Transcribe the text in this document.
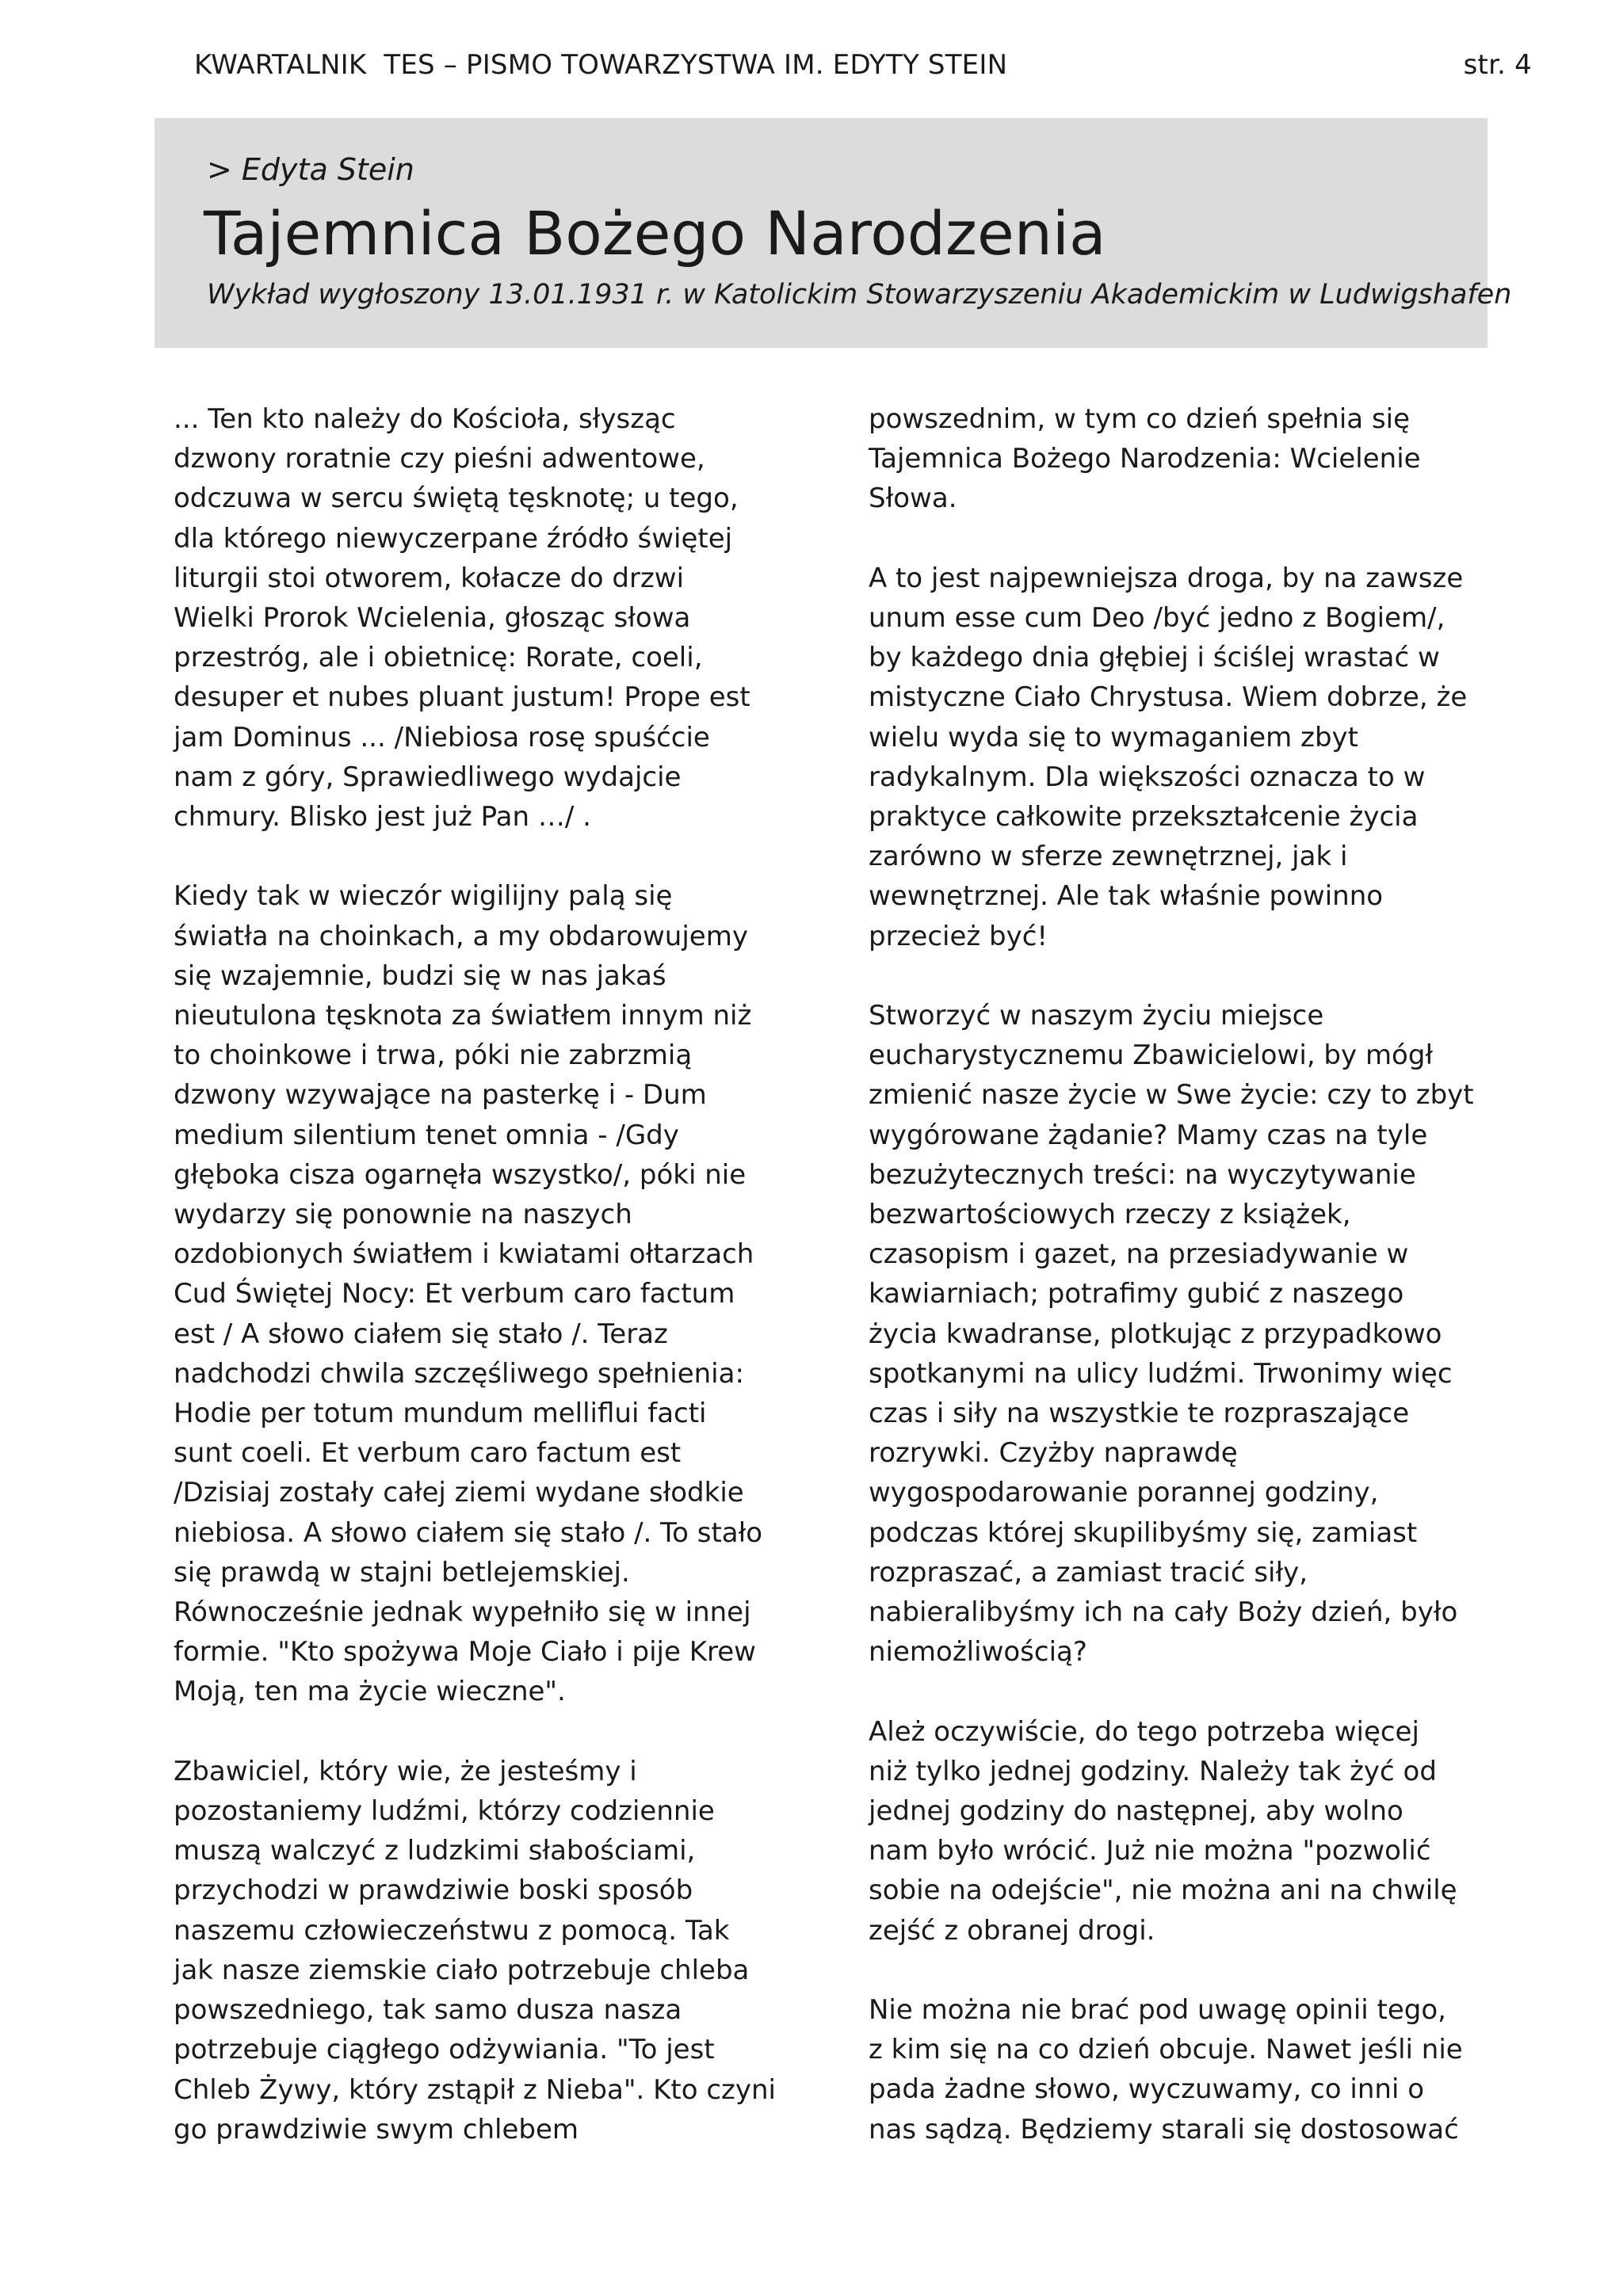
KWARTALNIK  TES – PISMO TOWARZYSTWA IM. EDYTY STEIN	str. 4

> Edyta Stein

Tajemnica Bożego Narodzenia

Wykład wygłoszony 13.01.1931 r. w Katolickim Stowarzyszeniu Akademickim w Ludwigshafen

... Ten kto należy do Kościoła, słysząc
dzwony roratnie czy pieśni adwentowe,
odczuwa w sercu świętą tęsknotę; u tego,
dla którego niewyczerpane źródło świętej
liturgii stoi otworem, kołacze do drzwi
Wielki Prorok Wcielenia, głosząc słowa
przestróg, ale i obietnicę: Rorate, coeli,
desuper et nubes pluant justum! Prope est
jam Dominus ... /Niebiosa rosę spuśćcie
nam z góry, Sprawiedliwego wydajcie
chmury. Blisko jest już Pan …/ .

Kiedy tak w wieczór wigilijny palą się
światła na choinkach, a my obdarowujemy
się wzajemnie, budzi się w nas jakaś
nieutulona tęsknota za światłem innym niż
to choinkowe i trwa, póki nie zabrzmią
dzwony wzywające na pasterkę i - Dum
medium silentium tenet omnia - /Gdy
głęboka cisza ogarnęła wszystko/, póki nie
wydarzy się ponownie na naszych
ozdobionych światłem i kwiatami ołtarzach
Cud Świętej Nocy: Et verbum caro factum
est / A słowo ciałem się stało /. Teraz
nadchodzi chwila szczęśliwego spełnienia:
Hodie per totum mundum melliflui facti
sunt coeli. Et verbum caro factum est
/Dzisiaj zostały całej ziemi wydane słodkie
niebiosa. A słowo ciałem się stało /. To stało
się prawdą w stajni betlejemskiej.
Równocześnie jednak wypełniło się w innej
formie. "Kto spożywa Moje Ciało i pije Krew
Moją, ten ma życie wieczne".

Zbawiciel, który wie, że jesteśmy i
pozostaniemy ludźmi, którzy codziennie
muszą walczyć z ludzkimi słabościami,
przychodzi w prawdziwie boski sposób
naszemu człowieczeństwu z pomocą. Tak
jak nasze ziemskie ciało potrzebuje chleba
powszedniego, tak samo dusza nasza
potrzebuje ciągłego odżywiania. "To jest
Chleb Żywy, który zstąpił z Nieba". Kto czyni
go prawdziwie swym chlebem

powszednim, w tym co dzień spełnia się
Tajemnica Bożego Narodzenia: Wcielenie
Słowa.

A to jest najpewniejsza droga, by na zawsze
unum esse cum Deo /być jedno z Bogiem/,
by każdego dnia głębiej i ściślej wrastać w
mistyczne Ciało Chrystusa. Wiem dobrze, że
wielu wyda się to wymaganiem zbyt
radykalnym. Dla większości oznacza to w
praktyce całkowite przekształcenie życia
zarówno w sferze zewnętrznej, jak i
wewnętrznej. Ale tak właśnie powinno
przecież być!

Stworzyć w naszym życiu miejsce
eucharystycznemu Zbawicielowi, by mógł
zmienić nasze życie w Swe życie: czy to zbyt
wygórowane żądanie? Mamy czas na tyle
bezużytecznych treści: na wyczytywanie
bezwartościowych rzeczy z książek,
czasopism i gazet, na przesiadywanie w
kawiarniach; potrafimy gubić z naszego
życia kwadranse, plotkując z przypadkowo
spotkanymi na ulicy ludźmi. Trwonimy więc
czas i siły na wszystkie te rozpraszające
rozrywki. Czyżby naprawdę
wygospodarowanie porannej godziny,
podczas której skupilibyśmy się, zamiast
rozpraszać, a zamiast tracić siły,
nabieralibyśmy ich na cały Boży dzień, było
niemożliwością?

Ależ oczywiście, do tego potrzeba więcej
niż tylko jednej godziny. Należy tak żyć od
jednej godziny do następnej, aby wolno
nam było wrócić. Już nie można "pozwolić
sobie na odejście", nie można ani na chwilę
zejść z obranej drogi.

Nie można nie brać pod uwagę opinii tego,
z kim się na co dzień obcuje. Nawet jeśli nie
pada żadne słowo, wyczuwamy, co inni o
nas sądzą. Będziemy starali się dostosować
